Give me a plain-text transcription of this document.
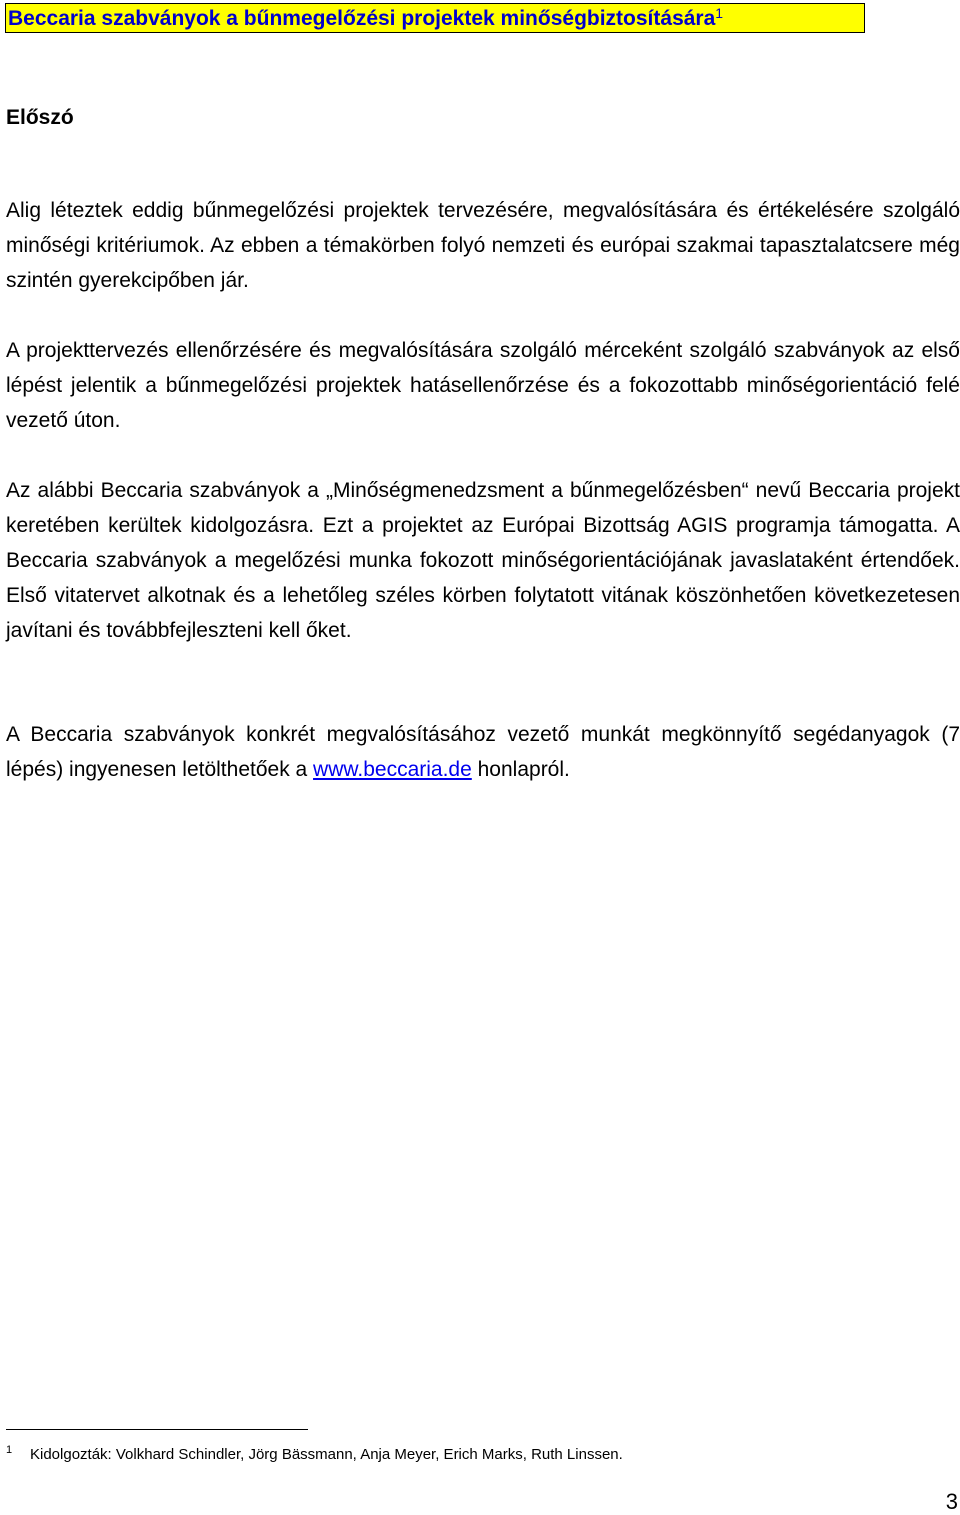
Beccaria szabványok a bűnmegelőzési projektek minőségbiztosítására$^1$
Előszó
Alig léteztek eddig bűnmegelőzési projektek tervezésére, megvalósítására és értékelésére szolgáló minőségi kritériumok. Az ebben a témakörben folyó nemzeti és európai szakmai tapasztalatcsere még szintén gyerekcipőben jár.
A projekttervezés ellenőrzésére és megvalósítására szolgáló mérceként szolgáló szabványok az első lépést jelentik a bűnmegelőzési projektek hatásellenőrzése és a fokozottabb minőségorientáció felé vezető úton.
Az alábbi Beccaria szabványok a „Minőségmenedzsment a bűnmegelőzésben“ nevű Beccaria projekt keretében kerültek kidolgozásra. Ezt a projektet az Európai Bizottság AGIS programja támogatta. A Beccaria szabványok a megelőzési munka fokozott minőségorientációjának javaslataként értendőek. Első vitatervet alkotnak és a lehetőleg széles körben folytatott vitának köszönhetően következetesen javítani és továbbfejleszteni kell őket.
A Beccaria szabványok konkrét megvalósításához vezető munkát megkönnyítő segédanyagok (7 lépés) ingyenesen letölthetőek a www.beccaria.de honlapról.
1 Kidolgozták: Volkhard Schindler, Jörg Bässmann, Anja Meyer, Erich Marks, Ruth Linssen.
3
